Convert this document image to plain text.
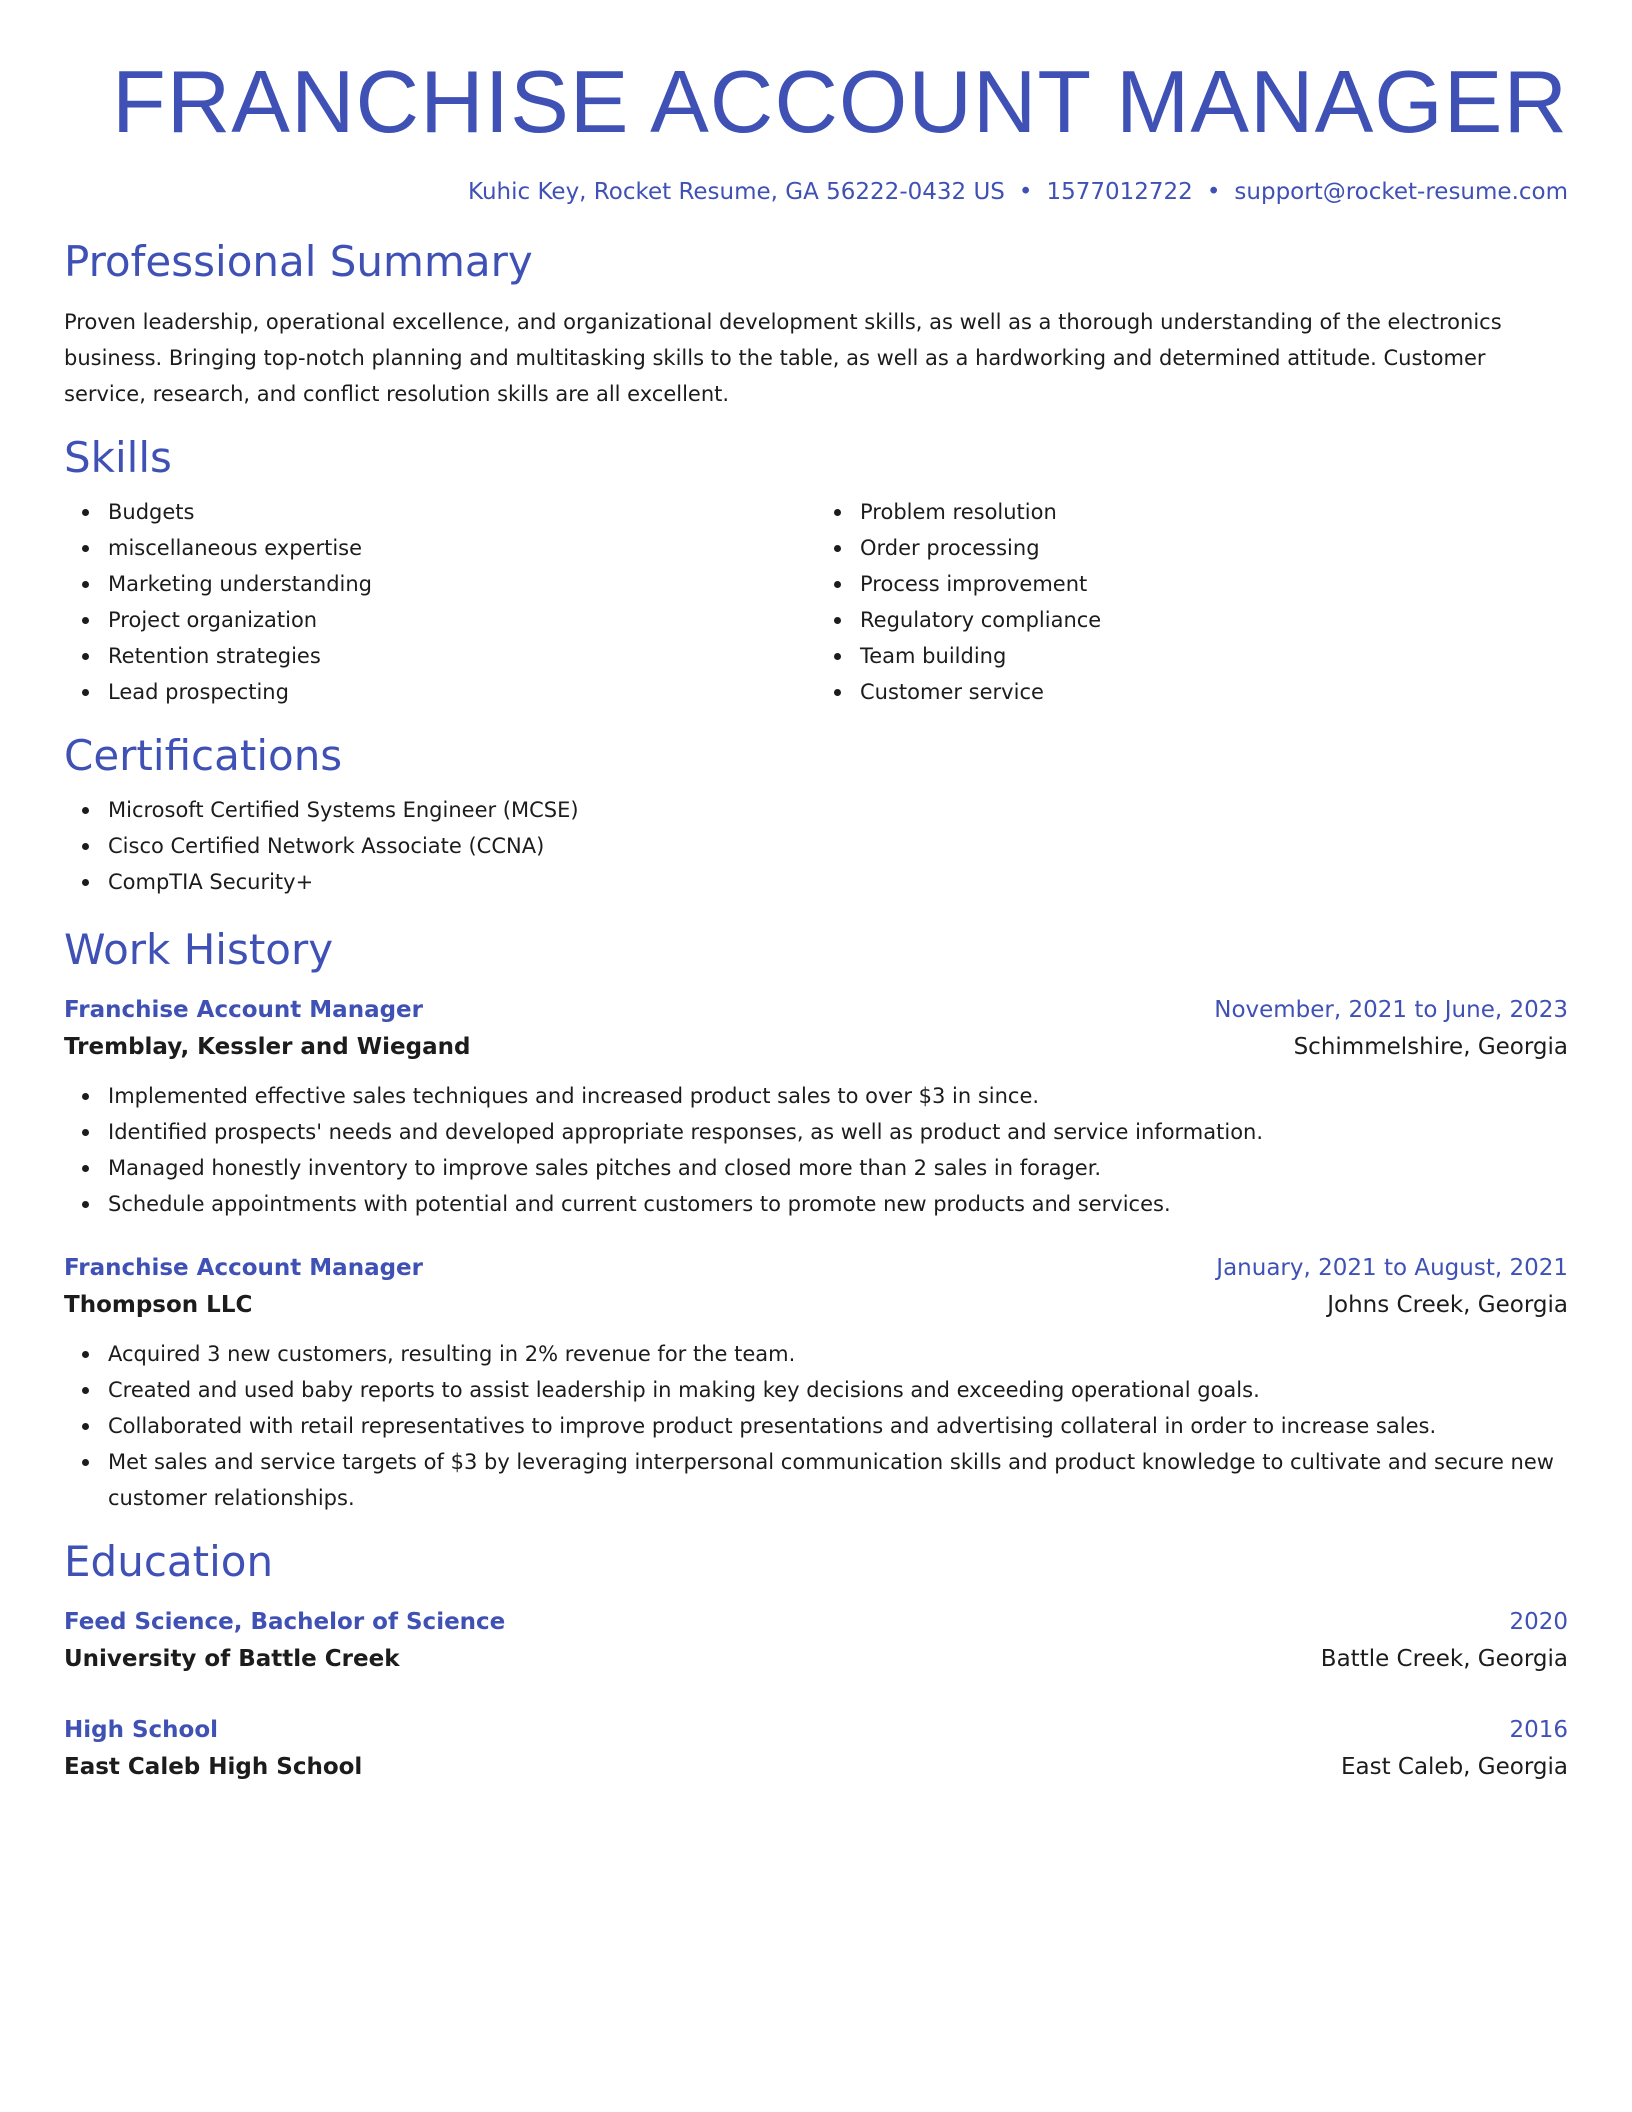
FRANCHISE ACCOUNT MANAGER
Kuhic Key, Rocket Resume, GA 56222-0432 US • 1577012722 • support@rocket-resume.com
Professional Summary

Proven leadership, operational excellence, and organizational development skills, as well as a thorough understanding of the electronics business. Bringing top-notch planning and multitasking skills to the table, as well as a hardworking and determined attitude. Customer service, research, and conflict resolution skills are all excellent.

Skills
Budgets
miscellaneous expertise
Marketing understanding
Project organization
Retention strategies
Lead prospecting
Problem resolution
Order processing
Process improvement
Regulatory compliance
Team building
Customer service
Certifications
Microsoft Certified Systems Engineer (MCSE)
Cisco Certified Network Associate (CCNA)
CompTIA Security+
Work History
Franchise Account Manager	November, 2021 to June, 2023
Tremblay, Kessler and Wiegand	Schimmelshire, Georgia
Implemented effective sales techniques and increased product sales to over $3 in since.
Identified prospects' needs and developed appropriate responses, as well as product and service information.
Managed honestly inventory to improve sales pitches and closed more than 2 sales in forager.
Schedule appointments with potential and current customers to promote new products and services.
Franchise Account Manager	January, 2021 to August, 2021
Thompson LLC	Johns Creek, Georgia
Acquired 3 new customers, resulting in 2% revenue for the team.
Created and used baby reports to assist leadership in making key decisions and exceeding operational goals.
Collaborated with retail representatives to improve product presentations and advertising collateral in order to increase sales.
Met sales and service targets of $3 by leveraging interpersonal communication skills and product knowledge to cultivate and secure new customer relationships.
Education
Feed Science, Bachelor of Science	2020
University of Battle Creek	Battle Creek, Georgia
High School	2016
East Caleb High School	East Caleb, Georgia
